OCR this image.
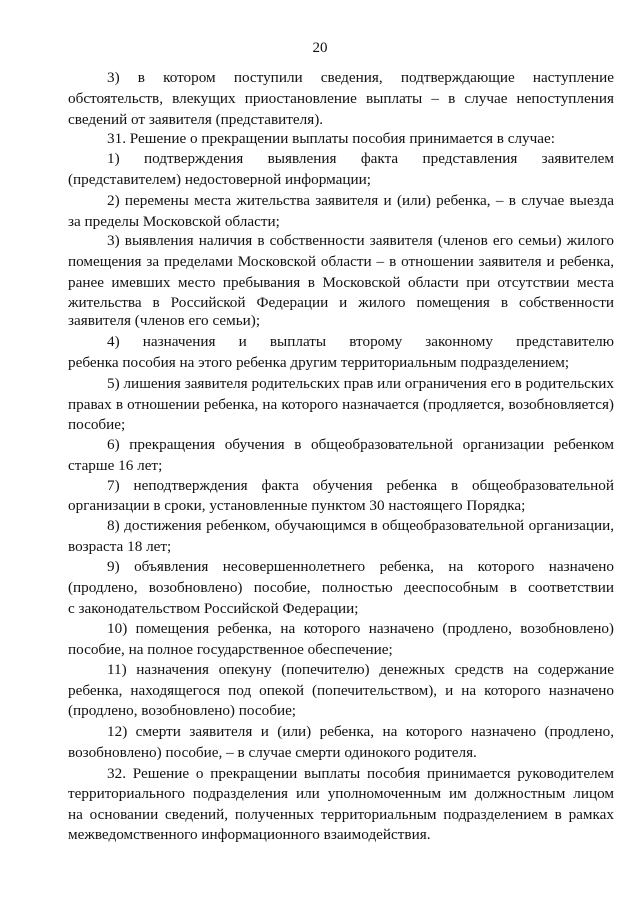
20
3) в котором поступили сведения, подтверждающие наступление
обстоятельств, влекущих приостановление выплаты – в случае непоступления
сведений от заявителя (представителя).
31. Решение о прекращении выплаты пособия принимается в случае:
1) подтверждения выявления факта представления заявителем
(представителем) недостоверной информации;
2) перемены места жительства заявителя и (или) ребенка, – в случае выезда
за пределы Московской области;
3) выявления наличия в собственности заявителя (членов его семьи) жилого
помещения за пределами Московской области – в отношении заявителя и ребенка,
ранее имевших место пребывания в Московской области при отсутствии места
жительства в Российской Федерации и жилого помещения в собственности
заявителя (членов его семьи);
4) назначения и выплаты второму законному представителю
ребенка пособия на этого ребенка другим территориальным подразделением;
5) лишения заявителя родительских прав или ограничения его в родительских
правах в отношении ребенка, на которого назначается (продляется, возобновляется)
пособие;
6) прекращения обучения в общеобразовательной организации ребенком
старше 16 лет;
7) неподтверждения факта обучения ребенка в общеобразовательной
организации в сроки, установленные пунктом 30 настоящего Порядка;
8) достижения ребенком, обучающимся в общеобразовательной организации,
возраста 18 лет;
9) объявления несовершеннолетнего ребенка, на которого назначено
(продлено, возобновлено) пособие, полностью дееспособным в соответствии
с законодательством Российской Федерации;
10) помещения ребенка, на которого назначено (продлено, возобновлено)
пособие, на полное государственное обеспечение;
11) назначения опекуну (попечителю) денежных средств на содержание
ребенка, находящегося под опекой (попечительством), и на которого назначено
(продлено, возобновлено) пособие;
12) смерти заявителя и (или) ребенка, на которого назначено (продлено,
возобновлено) пособие, – в случае смерти одинокого родителя.
32. Решение о прекращении выплаты пособия принимается руководителем
территориального подразделения или уполномоченным им должностным лицом
на основании сведений, полученных территориальным подразделением в рамках
межведомственного информационного взаимодействия.
